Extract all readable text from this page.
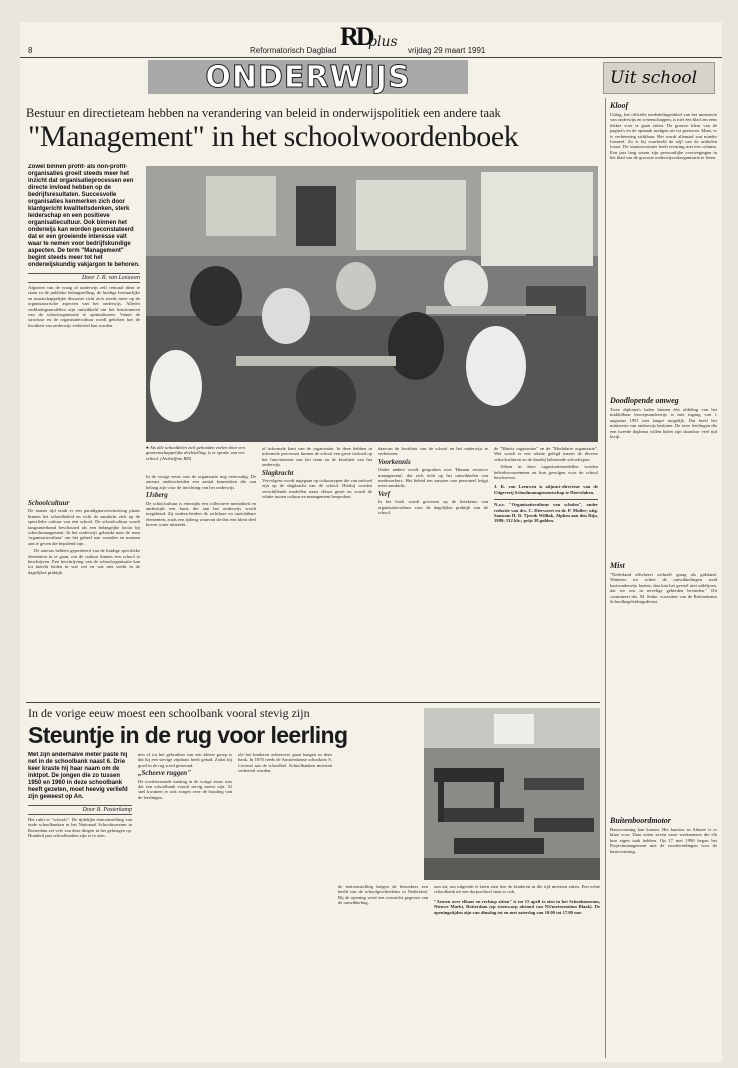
8	Reformatorisch Dagblad RD
plus
vrijdag 29 maart 1991
ONDERWIJS	Uit school
Bestuur en directieteam hebben na verandering van beleid in onderwijspolitiek een andere taak
"Management" in het schoolwoordenboek
Zowel binnen profit- als non-profit-organisaties groeit steeds meer het inzicht dat organisatieprocessen een directe invloed hebben op de bedrijfsresultaten. Succesvolle organisaties kenmerken zich door klantgericht kwaliteitsdenken, sterk leiderschap en een positieve organisatiecultuur. Ook binnen het onderwijs kan worden geconstateerd dat er een groeiende interesse valt waar te nemen voor bedrijfskundige aspecten. De term "Management" begint steeds meer tot het onderwijskundig vakjargon te behoren.
Door J. R. van Leeuwen

Afgezien van de vraag of onderwijs zelf centraal dient te staan in de publieke belangstelling, de huidige bestuurlijke en maatschappelijke discussie richt zich steeds meer op de organisatorische aspecten van het onderwijs. Allerlei verklaringsmodellen zijn ontwikkeld om het functioneren van de schoolorganisatie te optimaliseren. Vanuit de structuur en de organisatiecultuur wordt gekeken hoe de kwaliteit van onderwijs verbeterd kan worden.

● Als alle schooldelen zich gebonden voelen door een gemeenschappelijke doelstelling, is er sprake van een school. (Archieffoto RD)
Schoolcultuur

De laatste tijd vindt er een paradigmaverschuiving plaats binnen het schoolbeleid en richt de aandacht zich op de specifieke cultuur van een school. De schoolcultuur wordt langzamerhand beschouwd als een belangrijke factor bij schoolmanagement. In het onderwijs gebruikt men de term 'organisatiecultuur' om het geheel aan waarden en normen aan te geven die bepalend zijn.

De auteurs hebben geprobeerd van de huidige specifieke elementen in te gaan, om de cultuur binnen een school te beschrijven. Een beschrijving van de schoolorganisatie kan tot inzicht leiden in wat wel en wat niet werkt in de dagelijkse praktijk.

In de vorige eeuw was de organisatie nog eenvoudig. De auteurs onderscheiden een aantal kenmerken die van belang zijn voor de inrichting van het onderwijs.

IJsberg

De schoolcultuur is enerzijds een collectieve mentaliteit en anderzijds een basis die aan het onderwijs wordt toegekend. Zij onderscheiden de zichtbare en onzichtbare elementen, zoals een ijsberg waarvan slechts een klein deel boven water uitsteekt.

of informele kant van de organisatie. In deze hebben in informele processen binnen de school een grote invloed op het functioneren van het team en de kwaliteit van het onderwijs.

Slagkracht

Vervolgens wordt ingegaan op cultuurtypen die van invloed zijn op de slagkracht van de school. Hierbij worden verschillende modellen naast elkaar gezet en wordt de relatie tussen cultuur en management besproken.

daarvan de kwaliteit van de school en het onderwijs te verbeteren.

Voorkennis

Onder andere wordt gesproken over 'Human resource management', dat zich richt op het ontwikkelen van medewerkers. Het beleid ten aanzien van personeel krijgt meer aandacht.

Verf

In het boek wordt gewezen op de betekenis van organisatiecultuur voor de dagelijkse praktijk van de school.

de "Matrix organisatie" en de "Modulaire organisatie". Wel wordt er een relatie gelegd tussen de diverse schoolculturen en de daarbij behorende schooltypen.

Alleen in deze organisatiemodellen worden beleidsvoornemens en hun gevolgen voor de school beschreven.

J. K. van Leeuwen is adjunct-directeur van de Uitgeverij Schoolmanagementschap te Hoevelaken.

N.a.v. "Organisatiecultuur van scholen", onder redactie van drs. C. Dierweert en dr. P. Muller; uitg. Samsom H. D. Tjeenk Willink, Alphen aan den Rijn, 1989; 132 blz.; prijs 38 gulden.

In de vorige eeuw moest een schoolbank vooral stevig zijn
Steuntje in de rug voor leerling
Met zijn anderhalve meter paste hij net in de schoolbank naast 6. Drie keer kraste hij haar naam om de inktpot. De jongen die zo tussen 1950 en 1960 in deze schoolbank heeft gezeten, moet heevig verliefd zijn geweest op An.
Door B. Pasterkamp

Het ruikt er "schools". De tijdelijke tentoonstelling van oude schoolbanken in het Nationaal Schoolmuseum in Rotterdam zet vele van deze dingen in het geheugen op. Honderd jaar schoolbanken zijn er te zien.

nen of tot het gebruiken van een kleine groep is dat hij een stevige zitplaats heeft gehad. Zodat hij goed in de rug werd gesteund.

„Scheeve ruggen"

De overheersende mening in de vorige eeuw was dat een schoolbank vooral stevig moest zijn. Al snel kwamen er ook zorgen over de houding van de leerlingen.

ole het kinderen achterover gaan hangen in deze bank. In 1870 reeds de Amsterdamse schoolarts S. Coronel aan de schoolbel. Schoolbanken moesten verbeterd worden.

de tentoonstelling kregen de bezoekers een beeld van de schoolgeschiedenis in Nederland. Bij de opening werd een overzicht gegeven van de ontwikkeling.

zon uit, om uitgerekt te laten zien hoe de kinderen in die tijd moesten zitten. Een echte schoolbank uit een dorpsschool staat er ook.

"Armen over elkaar en rechtop zitten" is tot 15 april te zien in het Schoolmuseum, Nieuwe Markt, Rotterdam (op steenworp afstand van NS/metrostation Blaak). De openingstijden zijn van dinsdag tot en met zaterdag van 10.00 tot 17.00 uur.

Kloof
Uitlag, het officiële mededelingenblad van het ministerie van onderwijs en wetenschappen, is niet een blad om eens lekker voor te gaan zitten. De grauwe kleur van de pagina's en de opmaak nodigen uit tot geeuwen. Maar, er is verbetering zichtbaar. Het wordt allemaal wat minder formeel. Zo is bij voorbeeld de stijl van de artikelen losser. De staatssecretaris heeft ervaring met een column. Een jaar lang waren zijn persoonlijke overwegingen in het blad van de grootste onderwijsvakorganisatie te lezen.
Doodlopende omweg
Twee diploma's halen binnen één afdeling van het middelbaar beroepsonderwijs is met ingang van 1 augustus 1991 niet langer mogelijk. Dat heeft het ministerie van onderwijs besloten. De twee leerlingen die een tweede diploma willen halen zijn daardoor veel tijd kwijt.
Mist
"Nederland afficheert zichzelf graag als gidsland. Wanneer we echter de ontwikkelingen rond basisonderwijs bezien, dan kan het gevoel niet uitblijven, dat we ons in nevelige gebieden bevinden." Dit constateert drs. M. Sinke, voorzitter van de Rotterdamse Schoolbegeleidingsdienst.
Buitenboordmotor
Basisvorming kan komen. Het kantoor in Almere is er klaar voor. Daar zitten zeven vaste werknemers die elk hun eigen taak hebben. Op 17 mei 1990 begon het Projectmanagement met de voorbereidingen voor de basisvorming.
